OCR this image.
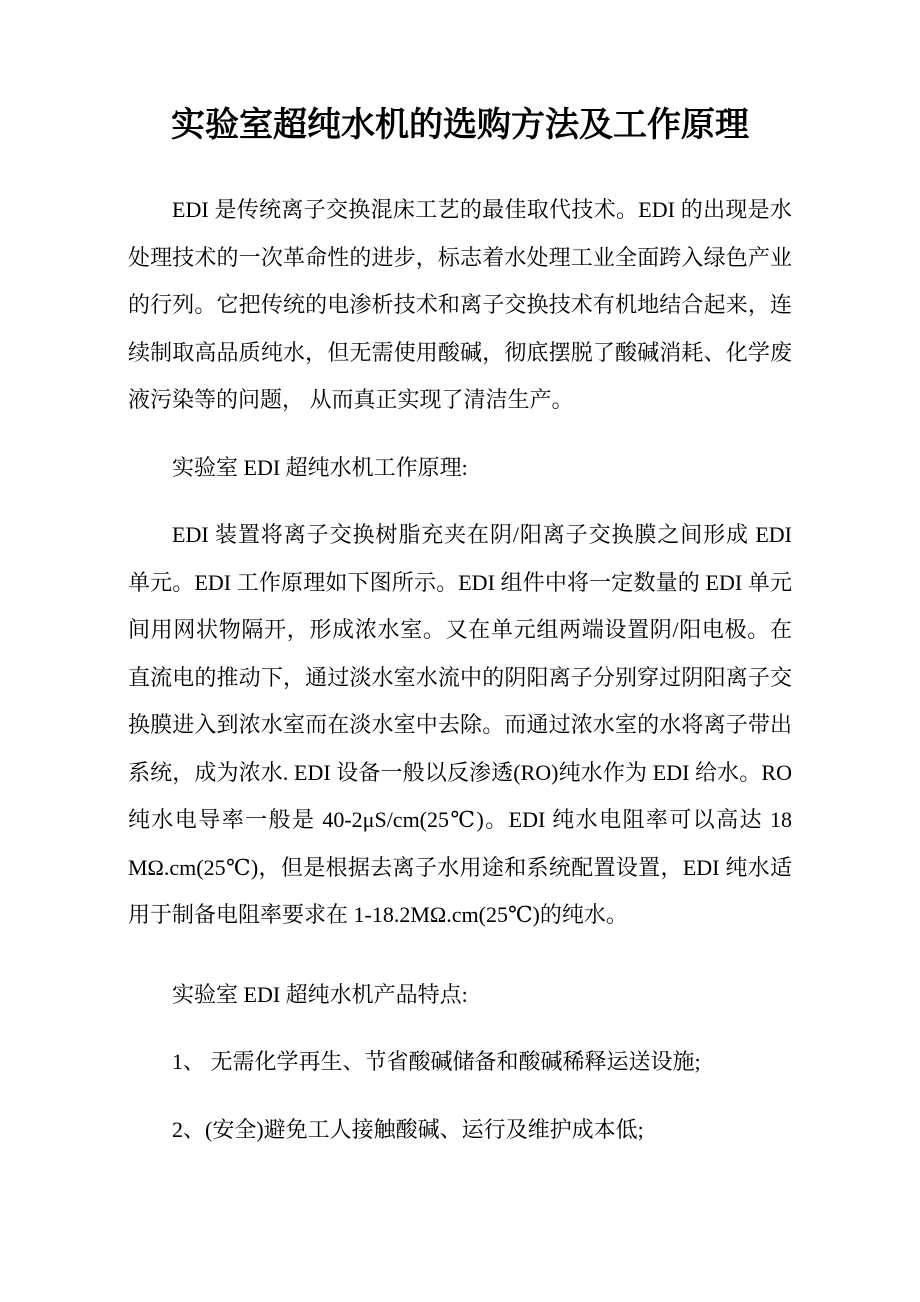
实验室超纯水机的选购方法及工作原理
EDI 是传统离子交换混床工艺的最佳取代技术。EDI 的出现是水
处理技术的一次革命性的进步，标志着水处理工业全面跨入绿色产业
的行列。它把传统的电渗析技术和离子交换技术有机地结合起来，连
续制取高品质纯水，但无需使用酸碱，彻底摆脱了酸碱消耗、化学废
液污染等的问题， 从而真正实现了清洁生产。
实验室 EDI 超纯水机工作原理:
EDI 装置将离子交换树脂充夹在阴/阳离子交换膜之间形成 EDI
单元。EDI 工作原理如下图所示。EDI 组件中将一定数量的 EDI 单元
间用网状物隔开，形成浓水室。又在单元组两端设置阴/阳电极。在
直流电的推动下，通过淡水室水流中的阴阳离子分别穿过阴阳离子交
换膜进入到浓水室而在淡水室中去除。而通过浓水室的水将离子带出
系统，成为浓水. EDI 设备一般以反渗透(RO)纯水作为 EDI 给水。RO
纯水电导率一般是 40-2μS/cm(25℃)。EDI 纯水电阻率可以高达 18
MΩ.cm(25℃)，但是根据去离子水用途和系统配置设置，EDI 纯水适
用于制备电阻率要求在 1-18.2MΩ.cm(25℃)的纯水。
实验室 EDI 超纯水机产品特点:
1、 无需化学再生、节省酸碱储备和酸碱稀释运送设施;
2、(安全)避免工人接触酸碱、运行及维护成本低;
